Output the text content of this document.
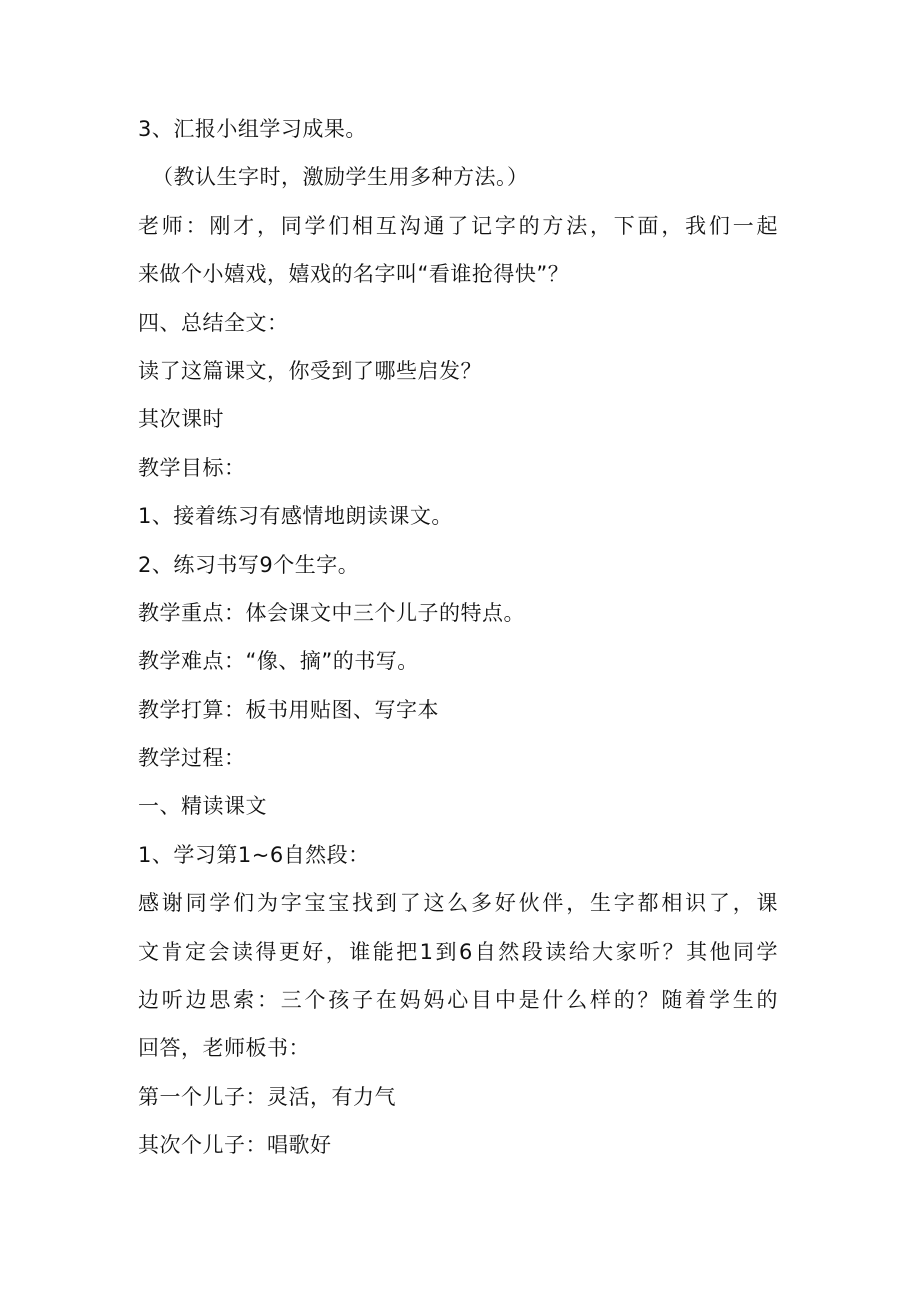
3、汇报小组学习成果。
（教认生字时，激励学生用多种方法。）
老师：刚才，同学们相互沟通了记字的方法，下面，我们一起
来做个小嬉戏，嬉戏的名字叫“看谁抢得快”？
四、总结全文：
读了这篇课文，你受到了哪些启发？
其次课时
教学目标：
1、接着练习有感情地朗读课文。
2、练习书写9个生字。
教学重点：体会课文中三个儿子的特点。
教学难点：“像、摘”的书写。
教学打算：板书用贴图、写字本
教学过程：
一、精读课文
1、学习第1~6自然段：
感谢同学们为字宝宝找到了这么多好伙伴，生字都相识了，课
文肯定会读得更好，谁能把1到6自然段读给大家听？其他同学
边听边思索：三个孩子在妈妈心目中是什么样的？随着学生的
回答，老师板书：
第一个儿子：灵活，有力气
其次个儿子：唱歌好
